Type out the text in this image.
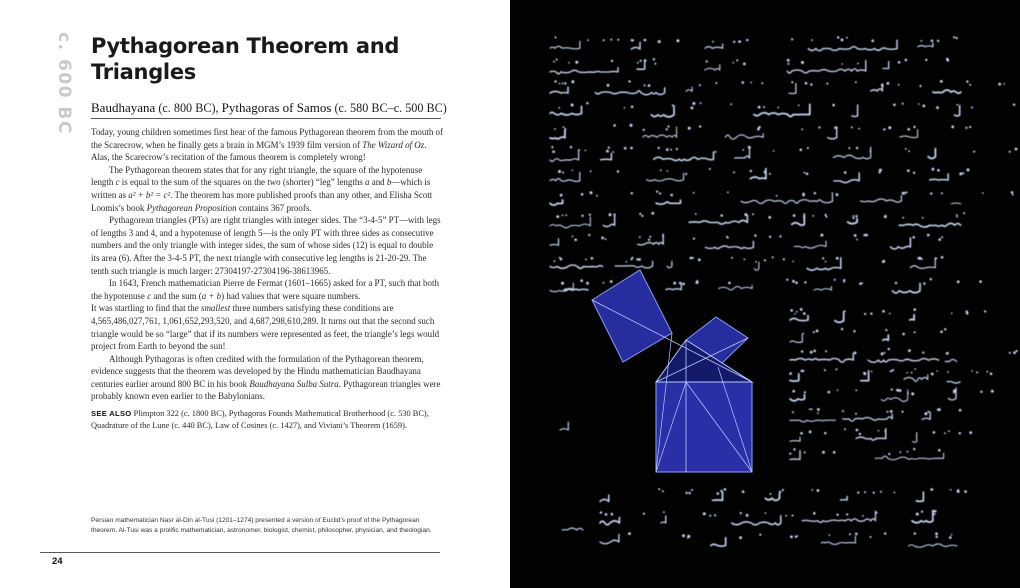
c. 600 BC Pythagorean Theorem and
Triangles
Baudhayana (c. 800 BC), Pythagoras of Samos (c. 580 BC–c. 500 BC)

Today, young children sometimes first hear of the famous Pythagorean theorem from the mouth of the Scarecrow, when he finally gets a brain in MGM’s 1939 film version of The Wizard of Oz. Alas, the Scarecrow’s recitation of the famous theorem is completely wrong!

The Pythagorean theorem states that for any right triangle, the square of the hypotenuse length c is equal to the sum of the squares on the two (shorter) “leg” lengths a and b—which is written as a² + b² = c². The theorem has more published proofs than any other, and Elisha Scott Loomis’s book Pythagorean Proposition contains 367 proofs.

Pythagorean triangles (PTs) are right triangles with integer sides. The “3-4-5” PT—with legs of lengths 3 and 4, and a hypotenuse of length 5—is the only PT with three sides as consecutive numbers and the only triangle with integer sides, the sum of whose sides (12) is equal to double its area (6). After the 3-4-5 PT, the next triangle with consecutive leg lengths is 21-20-29. The tenth such triangle is much larger: 27304197-27304196-38613965.

In 1643, French mathematician Pierre de Fermat (1601–1665) asked for a PT, such that both the hypotenuse c and the sum (a + b) had values that were square numbers.

It was startling to find that the smallest three numbers satisfying these conditions are 4,565,486,027,761, 1,061,652,293,520, and 4,687,298,610,289. It turns out that the second such triangle would be so “large” that if its numbers were represented as feet, the triangle’s legs would project from Earth to beyond the sun!

Although Pythagoras is often credited with the formulation of the Pythagorean theorem, evidence suggests that the theorem was developed by the Hindu mathematician Baudhayana centuries earlier around 800 BC in his book Baudhayana Sulba Sutra. Pythagorean triangles were probably known even earlier to the Babylonians.

SEE ALSO Plimpton 322 (c. 1800 BC), Pythagoras Founds Mathematical Brotherhood (c. 530 BC), Quadrature of the Lune (c. 440 BC), Law of Cosines (c. 1427), and Viviani’s Theorem (1659).
Persian mathematician Nasr al-Din al-Tusi (1201–1274) presented a version of Euclid’s proof of the Pythagorean theorem. Al-Tusi was a prolific mathematician, astronomer, biologist, chemist, philosopher, physician, and theologian.
24
